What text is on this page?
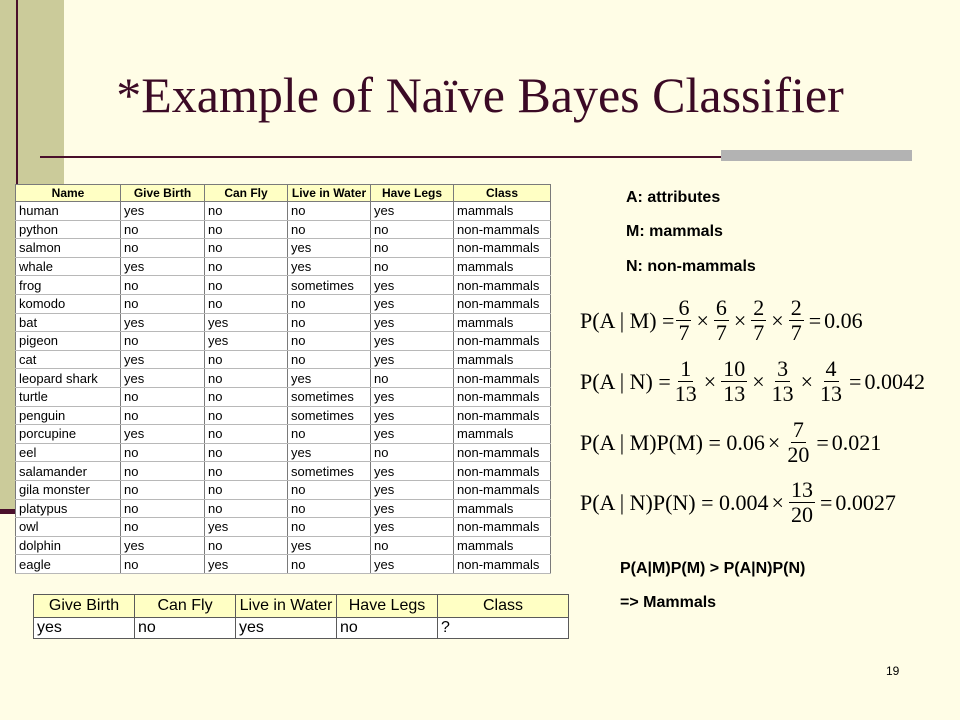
*Example of Naïve Bayes Classifier
Name	Give Birth	Can Fly	Live in Water	Have Legs	Class
human	yes	no	no	yes	mammals
python	no	no	no	no	non-mammals
salmon	no	no	yes	no	non-mammals
whale	yes	no	yes	no	mammals
frog	no	no	sometimes	yes	non-mammals
komodo	no	no	no	yes	non-mammals
bat	yes	yes	no	yes	mammals
pigeon	no	yes	no	yes	non-mammals
cat	yes	no	no	yes	mammals
leopard shark	yes	no	yes	no	non-mammals
turtle	no	no	sometimes	yes	non-mammals
penguin	no	no	sometimes	yes	non-mammals
porcupine	yes	no	no	yes	mammals
eel	no	no	yes	no	non-mammals
salamander	no	no	sometimes	yes	non-mammals
gila monster	no	no	no	yes	non-mammals
platypus	no	no	no	yes	mammals
owl	no	yes	no	yes	non-mammals
dolphin	yes	no	yes	no	mammals
eagle	no	yes	no	yes	non-mammals
Give Birth	Can Fly	Live in Water	Have Legs	Class
yes	no	yes	no	?
A: attributes
M: mammals
N: non-mammals
P(A | $M) = \frac{6}{7} \times \frac{6}{7} \times \frac{2}{7} \times \frac{2}{7} = 0.06$
P(A | $N) = \frac{1}{13} \times \frac{10}{13} \times \frac{3}{13} \times \frac{4}{13} = 0.0042$
P(A | $M)P(M) = 0.06 \times \frac{7}{20} = 0.021$
P(A | $N)P(N) = 0.004 \times \frac{13}{20} = 0.0027$
P(A|M)P(M) > P(A|N)P(N)
=> Mammals
19
